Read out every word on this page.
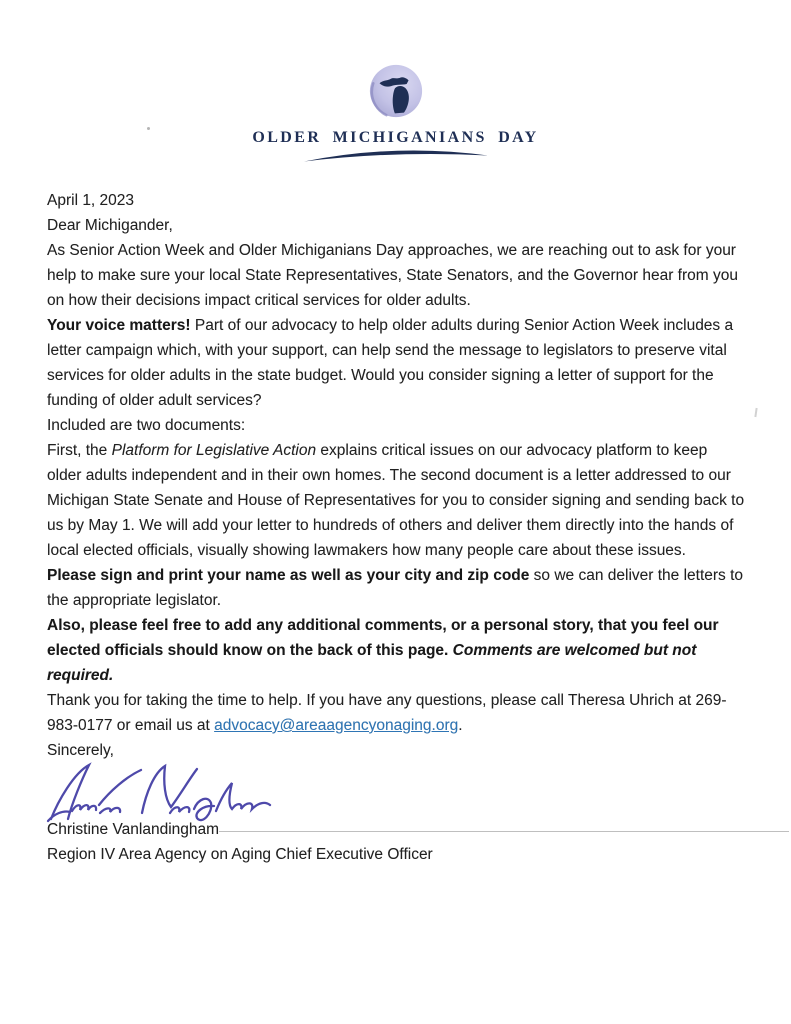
OLDER MICHIGANIANS DAY

April 1, 2023

Dear Michigander,

As Senior Action Week and Older Michiganians Day approaches, we are reaching out to ask for your help to make sure your local State Representatives, State Senators, and the Governor hear from you on how their decisions impact critical services for older adults.

Your voice matters! Part of our advocacy to help older adults during Senior Action Week includes a letter campaign which, with your support, can help send the message to legislators to preserve vital services for older adults in the state budget. Would you consider signing a letter of support for the funding of older adult services?

Included are two documents:

First, the Platform for Legislative Action explains critical issues on our advocacy platform to keep older adults independent and in their own homes. The second document is a letter addressed to our Michigan State Senate and House of Representatives for you to consider signing and sending back to us by May 1. We will add your letter to hundreds of others and deliver them directly into the hands of local elected officials, visually showing lawmakers how many people care about these issues.

Please sign and print your name as well as your city and zip code so we can deliver the letters to the appropriate legislator.

Also, please feel free to add any additional comments, or a personal story, that you feel our elected officials should know on the back of this page. Comments are welcomed but not required.

Thank you for taking the time to help. If you have any questions, please call Theresa Uhrich at 269-983-0177 or email us at advocacy@areaagencyonaging.org.

Sincerely,

Christine Vanlandingham
Region IV Area Agency on Aging Chief Executive Officer
